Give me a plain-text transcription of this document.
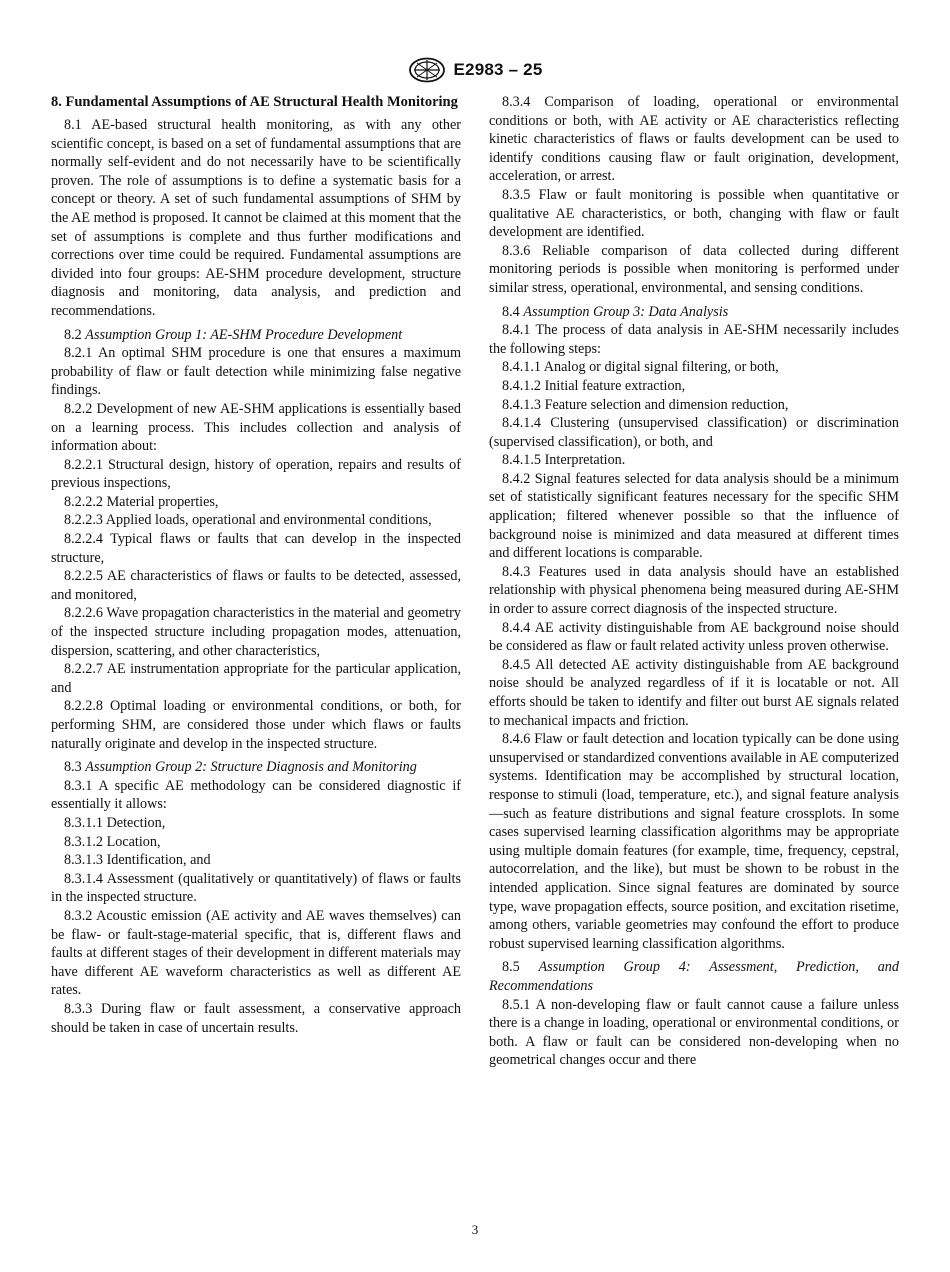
E2983 – 25
8. Fundamental Assumptions of AE Structural Health Monitoring

8.1 AE-based structural health monitoring, as with any other scientific concept, is based on a set of fundamental assumptions that are normally self-evident and do not necessarily have to be scientifically proven. The role of assumptions is to define a systematic basis for a concept or theory. A set of such fundamental assumptions of SHM by the AE method is proposed. It cannot be claimed at this moment that the set of assumptions is complete and thus further modifications and corrections over time could be required. Fundamental assumptions are divided into four groups: AE-SHM procedure development, structure diagnosis and monitoring, data analysis, and prediction and recommendations.

8.2 Assumption Group 1: AE-SHM Procedure Development

8.2.1 An optimal SHM procedure is one that ensures a maximum probability of flaw or fault detection while minimizing false negative findings.

8.2.2 Development of new AE-SHM applications is essentially based on a learning process. This includes collection and analysis of information about:

8.2.2.1 Structural design, history of operation, repairs and results of previous inspections,

8.2.2.2 Material properties,

8.2.2.3 Applied loads, operational and environmental conditions,

8.2.2.4 Typical flaws or faults that can develop in the inspected structure,

8.2.2.5 AE characteristics of flaws or faults to be detected, assessed, and monitored,

8.2.2.6 Wave propagation characteristics in the material and geometry of the inspected structure including propagation modes, attenuation, dispersion, scattering, and other characteristics,

8.2.2.7 AE instrumentation appropriate for the particular application, and

8.2.2.8 Optimal loading or environmental conditions, or both, for performing SHM, are considered those under which flaws or faults naturally originate and develop in the inspected structure.

8.3 Assumption Group 2: Structure Diagnosis and Monitoring

8.3.1 A specific AE methodology can be considered diagnostic if essentially it allows:

8.3.1.1 Detection,

8.3.1.2 Location,

8.3.1.3 Identification, and

8.3.1.4 Assessment (qualitatively or quantitatively) of flaws or faults in the inspected structure.

8.3.2 Acoustic emission (AE activity and AE waves themselves) can be flaw- or fault-stage-material specific, that is, different flaws and faults at different stages of their development in different materials may have different AE waveform characteristics as well as different AE rates.

8.3.3 During flaw or fault assessment, a conservative approach should be taken in case of uncertain results.

8.3.4 Comparison of loading, operational or environmental conditions or both, with AE activity or AE characteristics reflecting kinetic characteristics of flaws or faults development can be used to identify conditions causing flaw or fault origination, development, acceleration, or arrest.

8.3.5 Flaw or fault monitoring is possible when quantitative or qualitative AE characteristics, or both, changing with flaw or fault development are identified.

8.3.6 Reliable comparison of data collected during different monitoring periods is possible when monitoring is performed under similar stress, operational, environmental, and sensing conditions.

8.4 Assumption Group 3: Data Analysis

8.4.1 The process of data analysis in AE-SHM necessarily includes the following steps:

8.4.1.1 Analog or digital signal filtering, or both,

8.4.1.2 Initial feature extraction,

8.4.1.3 Feature selection and dimension reduction,

8.4.1.4 Clustering (unsupervised classification) or discrimination (supervised classification), or both, and

8.4.1.5 Interpretation.

8.4.2 Signal features selected for data analysis should be a minimum set of statistically significant features necessary for the specific SHM application; filtered whenever possible so that the influence of background noise is minimized and data measured at different times and different locations is comparable.

8.4.3 Features used in data analysis should have an established relationship with physical phenomena being measured during AE-SHM in order to assure correct diagnosis of the inspected structure.

8.4.4 AE activity distinguishable from AE background noise should be considered as flaw or fault related activity unless proven otherwise.

8.4.5 All detected AE activity distinguishable from AE background noise should be analyzed regardless of if it is locatable or not. All efforts should be taken to identify and filter out burst AE signals related to mechanical impacts and friction.

8.4.6 Flaw or fault detection and location typically can be done using unsupervised or standardized conventions available in AE computerized systems. Identification may be accomplished by structural location, response to stimuli (load, temperature, etc.), and signal feature analysis—such as feature distributions and signal feature crossplots. In some cases supervised learning classification algorithms may be appropriate using multiple domain features (for example, time, frequency, cepstral, autocorrelation, and the like), but must be shown to be robust in the intended application. Since signal features are dominated by source type, wave propagation effects, source position, and excitation risetime, among others, variable geometries may confound the effort to produce robust supervised learning classification algorithms.

8.5 Assumption Group 4: Assessment, Prediction, and Recommendations

8.5.1 A non-developing flaw or fault cannot cause a failure unless there is a change in loading, operational or environmental conditions, or both. A flaw or fault can be considered non-developing when no geometrical changes occur and there

3
